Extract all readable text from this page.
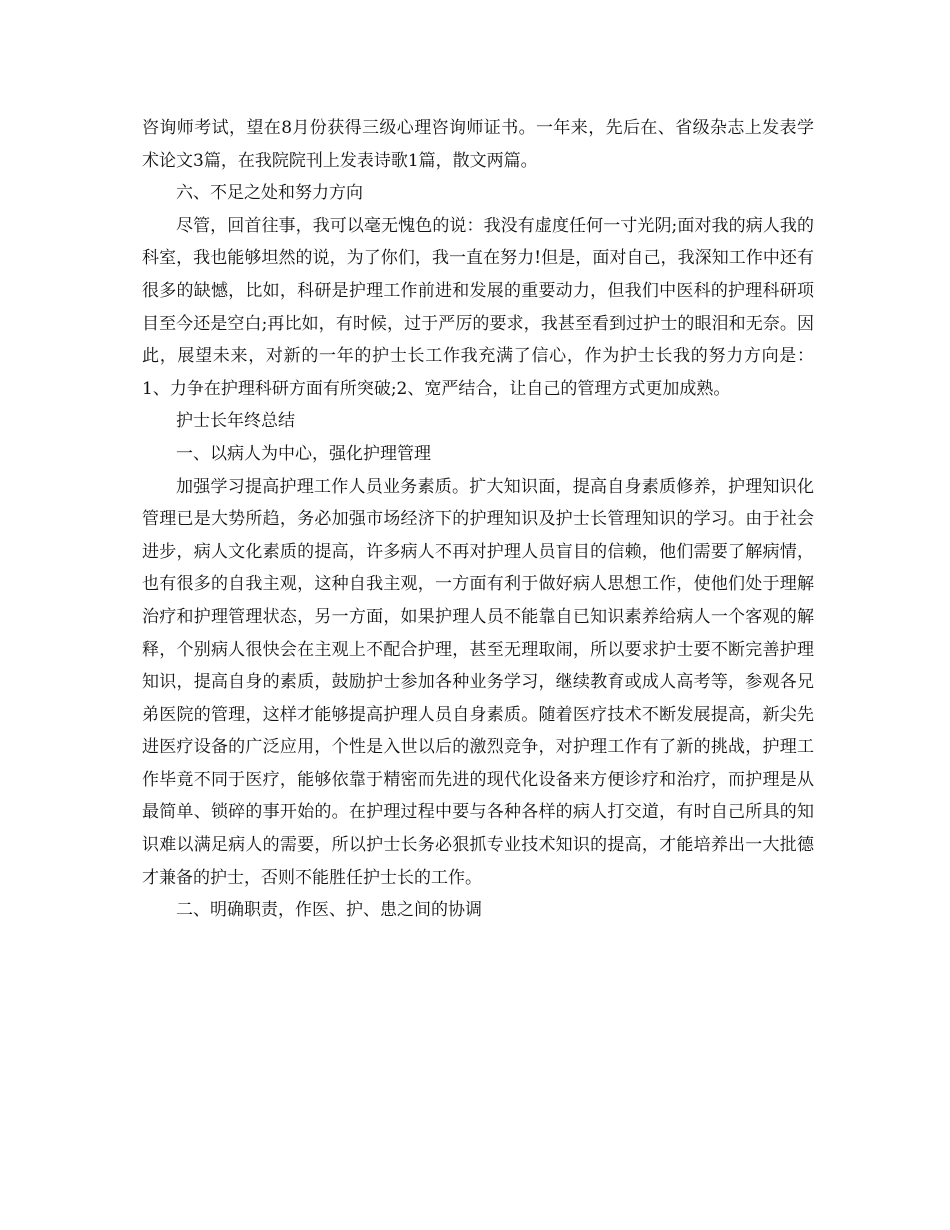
咨询师考试，望在8月份获得三级心理咨询师证书。一年来，先后在、省级杂志上发表学术论文3篇，在我院院刊上发表诗歌1篇，散文两篇。

六、不足之处和努力方向

尽管，回首往事，我可以毫无愧色的说：我没有虚度任何一寸光阴;面对我的病人我的科室，我也能够坦然的说，为了你们，我一直在努力!但是，面对自己，我深知工作中还有很多的缺憾，比如，科研是护理工作前进和发展的重要动力，但我们中医科的护理科研项目至今还是空白;再比如，有时候，过于严厉的要求，我甚至看到过护士的眼泪和无奈。因此，展望未来，对新的一年的护士长工作我充满了信心，作为护士长我的努力方向是：1、力争在护理科研方面有所突破;2、宽严结合，让自己的管理方式更加成熟。

护士长年终总结

一、以病人为中心，强化护理管理

加强学习提高护理工作人员业务素质。扩大知识面，提高自身素质修养，护理知识化管理已是大势所趋，务必加强市场经济下的护理知识及护士长管理知识的学习。由于社会进步，病人文化素质的提高，许多病人不再对护理人员盲目的信赖，他们需要了解病情，也有很多的自我主观，这种自我主观，一方面有利于做好病人思想工作，使他们处于理解治疗和护理管理状态，另一方面，如果护理人员不能靠自已知识素养给病人一个客观的解释，个别病人很快会在主观上不配合护理，甚至无理取闹，所以要求护士要不断完善护理知识，提高自身的素质，鼓励护士参加各种业务学习，继续教育或成人高考等，参观各兄弟医院的管理，这样才能够提高护理人员自身素质。随着医疗技术不断发展提高，新尖先进医疗设备的广泛应用，个性是入世以后的激烈竞争，对护理工作有了新的挑战，护理工作毕竟不同于医疗，能够依靠于精密而先进的现代化设备来方便诊疗和治疗，而护理是从最简单、锁碎的事开始的。在护理过程中要与各种各样的病人打交道，有时自己所具的知识难以满足病人的需要，所以护士长务必狠抓专业技术知识的提高，才能培养出一大批德才兼备的护士，否则不能胜任护士长的工作。

二、明确职责，作医、护、患之间的协调
